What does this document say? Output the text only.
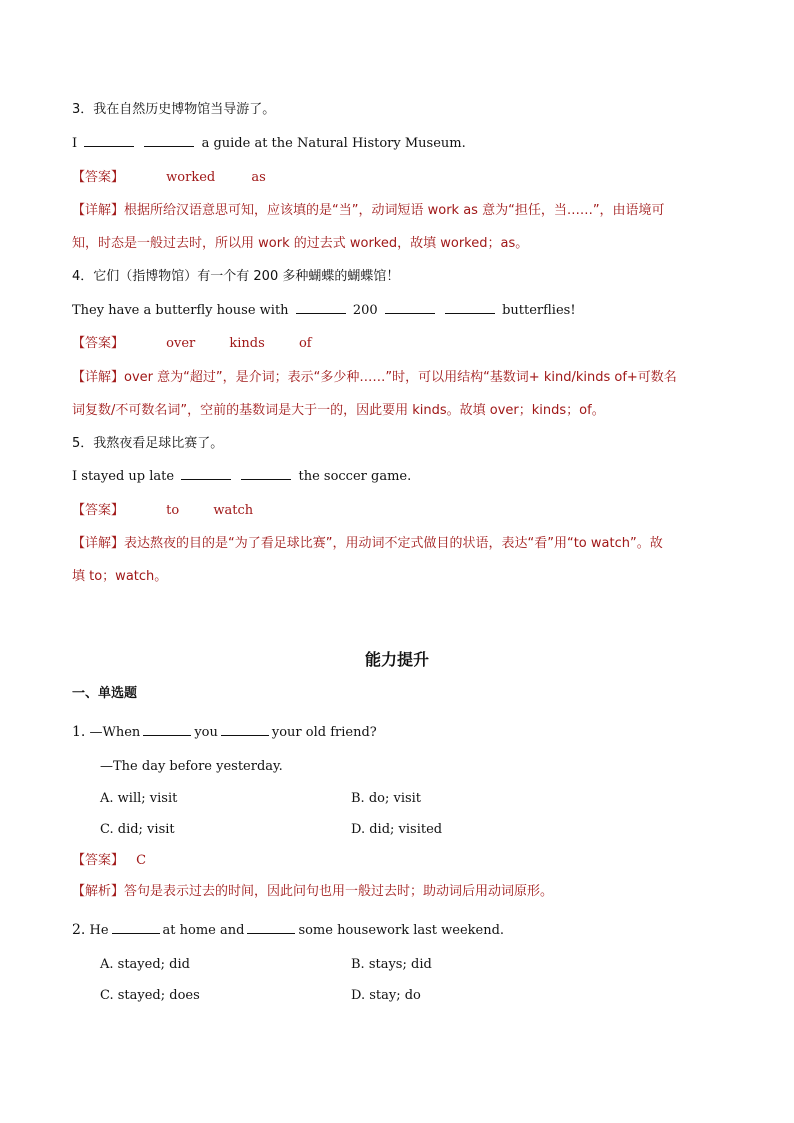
3．我在自然历史博物馆当导游了。
I	a guide at the Natural History Museum.
【答案】	worked	as
【详解】根据所给汉语意思可知，应该填的是“当”，动词短语 work as 意为“担任，当……”，由语境可
知，时态是一般过去时，所以用 work 的过去式 worked，故填 worked；as。
4．它们（指博物馆）有一个有 200 多种蝴蝶的蝴蝶馆！
They have a butterfly house with	200	butterflies!
【答案】	over	kinds	of
【详解】over 意为“超过”，是介词；表示“多少种……”时，可以用结构“基数词+ kind/kinds of+可数名
词复数/不可数名词”，空前的基数词是大于一的，因此要用 kinds。故填 over；kinds；of。
5．我熬夜看足球比赛了。
I stayed up late	the soccer game.
【答案】	to	watch
【详解】表达熬夜的目的是“为了看足球比赛”，用动词不定式做目的状语，表达“看”用“to watch”。故
填 to；watch。
能力提升
一、单选题
1. —When	you	your old friend?
—The day before yesterday.
A. will; visit	B. do; visit
C. did; visit	D. did; visited
【答案】 C
【解析】答句是表示过去的时间，因此问句也用一般过去时；助动词后用动词原形。
2. He	at home and	some housework last weekend.
A. stayed; did	B. stays; did
C. stayed; does	D. stay; do
